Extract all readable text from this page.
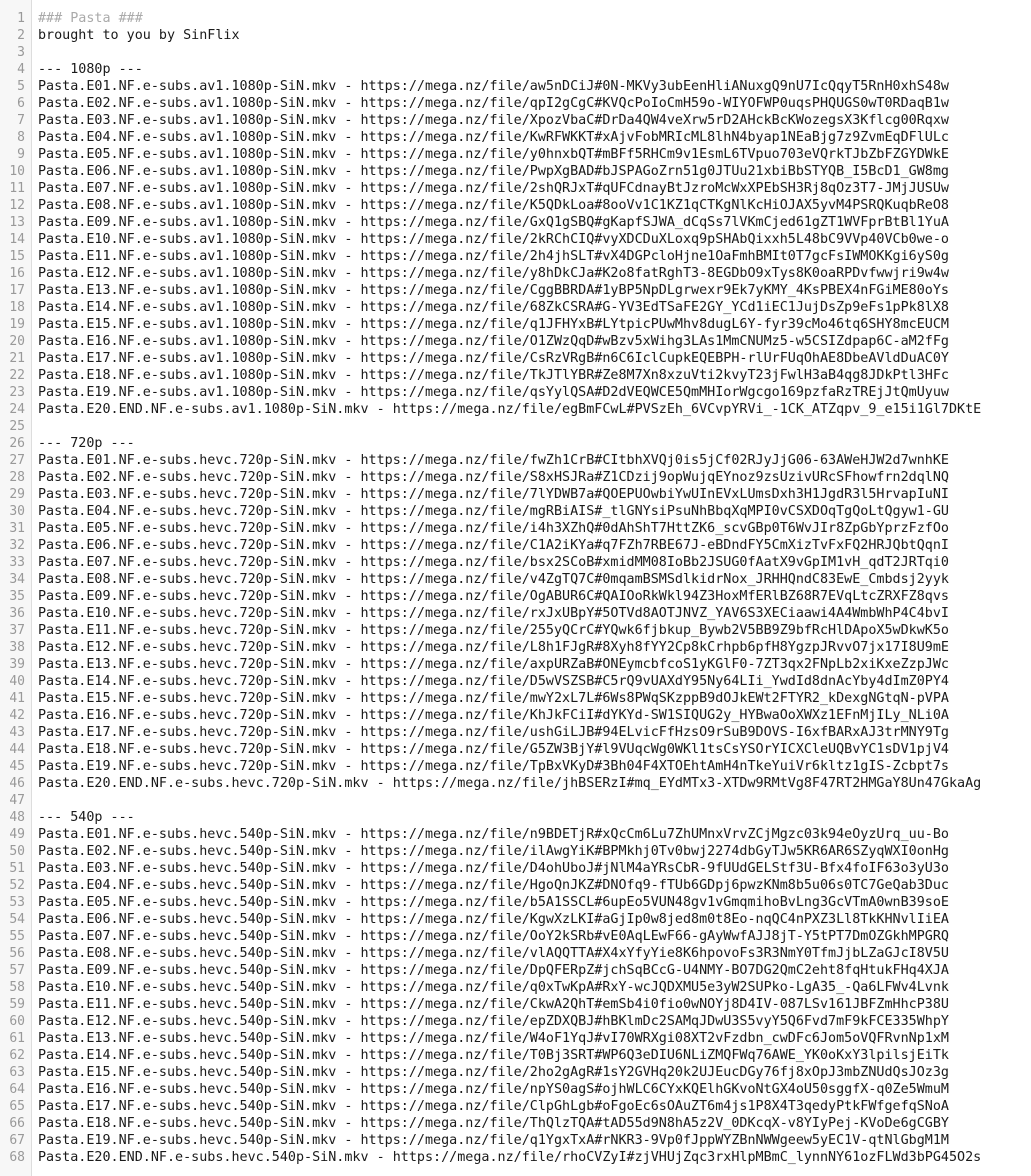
1
2
3
4
5
6
7
8
9
10
11
12
13
14
15
16
17
18
19
20
21
22
23
24
25
26
27
28
29
30
31
32
33
34
35
36
37
38
39
40
41
42
43
44
45
46
47
48
49
50
51
52
53
54
55
56
57
58
59
60
61
62
63
64
65
66
67
68
### Pasta ###
brought to you by SinFlix
--- 1080p ---
Pasta.E01.NF.e-subs.av1.1080p-SiN.mkv - https://mega.nz/file/aw5nDCiJ#0N-MKVy3ubEenHliANuxgQ9nU7IcQqyT5RnH0xhS48w
Pasta.E02.NF.e-subs.av1.1080p-SiN.mkv - https://mega.nz/file/qpI2gCgC#KVQcPoIoCmH59o-WIYOFWP0uqsPHQUGS0wT0RDaqB1w
Pasta.E03.NF.e-subs.av1.1080p-SiN.mkv - https://mega.nz/file/XpozVbaC#DrDa4QW4veXrw5rD2AHckBcKWozegsX3Kflcg00Rqxw
Pasta.E04.NF.e-subs.av1.1080p-SiN.mkv - https://mega.nz/file/KwRFWKKT#xAjvFobMRIcML8lhN4byap1NEaBjg7z9ZvmEqDFlULc
Pasta.E05.NF.e-subs.av1.1080p-SiN.mkv - https://mega.nz/file/y0hnxbQT#mBFf5RHCm9v1EsmL6TVpuo703eVQrkTJbZbFZGYDWkE
Pasta.E06.NF.e-subs.av1.1080p-SiN.mkv - https://mega.nz/file/PwpXgBAD#bJSPAGoZrn51g0JTUu21xbiBbSTYQB_I5BcD1_GW8mg
Pasta.E07.NF.e-subs.av1.1080p-SiN.mkv - https://mega.nz/file/2shQRJxT#qUFCdnayBtJzroMcWxXPEbSH3Rj8qOz3T7-JMjJUSUw
Pasta.E08.NF.e-subs.av1.1080p-SiN.mkv - https://mega.nz/file/K5QDkLoa#8ooVv1C1KZ1qCTKgNlKcHiOJAX5yvM4PSRQKuqbReO8
Pasta.E09.NF.e-subs.av1.1080p-SiN.mkv - https://mega.nz/file/GxQ1gSBQ#gKapfSJWA_dCqSs7lVKmCjed61gZT1WVFprBtBl1YuA
Pasta.E10.NF.e-subs.av1.1080p-SiN.mkv - https://mega.nz/file/2kRChCIQ#vyXDCDuXLoxq9pSHAbQixxh5L48bC9VVp40VCb0we-o
Pasta.E11.NF.e-subs.av1.1080p-SiN.mkv - https://mega.nz/file/2h4jhSLT#vX4DGPcloHjne1OaFmhBMIt0T7gcFsIWMOKKgi6yS0g
Pasta.E12.NF.e-subs.av1.1080p-SiN.mkv - https://mega.nz/file/y8hDkCJa#K2o8fatRghT3-8EGDbO9xTys8K0oaRPDvfwwjri9w4w
Pasta.E13.NF.e-subs.av1.1080p-SiN.mkv - https://mega.nz/file/CggBBRDA#1yBP5NpDLgrwexr9Ek7yKMY_4KsPBEX4nFGiME80oYs
Pasta.E14.NF.e-subs.av1.1080p-SiN.mkv - https://mega.nz/file/68ZkCSRA#G-YV3EdTSaFE2GY_YCd1iEC1JujDsZp9eFs1pPk8lX8
Pasta.E15.NF.e-subs.av1.1080p-SiN.mkv - https://mega.nz/file/q1JFHYxB#LYtpicPUwMhv8dugL6Y-fyr39cMo46tq6SHY8mcEUCM
Pasta.E16.NF.e-subs.av1.1080p-SiN.mkv - https://mega.nz/file/O1ZWzQqD#wBzv5xWihg3LAs1MmCNUMz5-w5CSIZdpap6C-aM2fFg
Pasta.E17.NF.e-subs.av1.1080p-SiN.mkv - https://mega.nz/file/CsRzVRgB#n6C6IclCupkEQEBPH-rlUrFUqOhAE8DbeAVldDuAC0Y
Pasta.E18.NF.e-subs.av1.1080p-SiN.mkv - https://mega.nz/file/TkJTlYBR#Ze8M7Xn8xzuVti2kvyT23jFwlH3aB4qg8JDkPtl3HFc
Pasta.E19.NF.e-subs.av1.1080p-SiN.mkv - https://mega.nz/file/qsYylQSA#D2dVEQWCE5QmMHIorWgcgo169pzfaRzTREjJtQmUyuw
Pasta.E20.END.NF.e-subs.av1.1080p-SiN.mkv - https://mega.nz/file/egBmFCwL#PVSzEh_6VCvpYRVi_-1CK_ATZqpv_9_e15i1Gl7DKtE
--- 720p ---
Pasta.E01.NF.e-subs.hevc.720p-SiN.mkv - https://mega.nz/file/fwZh1CrB#CItbhXVQj0is5jCf02RJyJjG06-63AWeHJW2d7wnhKE
Pasta.E02.NF.e-subs.hevc.720p-SiN.mkv - https://mega.nz/file/S8xHSJRa#Z1CDzij9opWujqEYnoz9zsUzivURcSFhowfrn2dqlNQ
Pasta.E03.NF.e-subs.hevc.720p-SiN.mkv - https://mega.nz/file/7lYDWB7a#QOEPUOwbiYwUInEVxLUmsDxh3H1JgdR3l5HrvapIuNI
Pasta.E04.NF.e-subs.hevc.720p-SiN.mkv - https://mega.nz/file/mgRBiAIS#_tlGNYsiPsuNhBbqXqMPI0vCSXDOqTgQoLtQgyw1-GU
Pasta.E05.NF.e-subs.hevc.720p-SiN.mkv - https://mega.nz/file/i4h3XZhQ#0dAhShT7HttZK6_scvGBp0T6WvJIr8ZpGbYprzFzfOo
Pasta.E06.NF.e-subs.hevc.720p-SiN.mkv - https://mega.nz/file/C1A2iKYa#q7FZh7RBE67J-eBDndFY5CmXizTvFxFQ2HRJQbtQqnI
Pasta.E07.NF.e-subs.hevc.720p-SiN.mkv - https://mega.nz/file/bsx2SCoB#xmidMM08IoBb2JSUG0fAatX9vGpIM1vH_qdT2JRTqi0
Pasta.E08.NF.e-subs.hevc.720p-SiN.mkv - https://mega.nz/file/v4ZgTQ7C#0mqamBSMSdlkidrNox_JRHHQndC83EwE_Cmbdsj2yyk
Pasta.E09.NF.e-subs.hevc.720p-SiN.mkv - https://mega.nz/file/OgABUR6C#QAIOoRkWkl94Z3HoxMfERlBZ68R7EVqLtcZRXFZ8qvs
Pasta.E10.NF.e-subs.hevc.720p-SiN.mkv - https://mega.nz/file/rxJxUBpY#5OTVd8AOTJNVZ_YAV6S3XECiaawi4A4WmbWhP4C4bvI
Pasta.E11.NF.e-subs.hevc.720p-SiN.mkv - https://mega.nz/file/255yQCrC#YQwk6fjbkup_Bywb2V5BB9Z9bfRcHlDApoX5wDkwK5o
Pasta.E12.NF.e-subs.hevc.720p-SiN.mkv - https://mega.nz/file/L8h1FJgR#8Xyh8fYY2Cp8kCrhpb6pfH8YgzpJRvvO7jx17I8U9mE
Pasta.E13.NF.e-subs.hevc.720p-SiN.mkv - https://mega.nz/file/axpURZaB#ONEymcbfcoS1yKGlF0-7ZT3qx2FNpLb2xiKxeZzpJWc
Pasta.E14.NF.e-subs.hevc.720p-SiN.mkv - https://mega.nz/file/D5wVSZSB#C5rQ9vUAXdY95Ny64LIi_YwdId8dnAcYby4dImZ0PY4
Pasta.E15.NF.e-subs.hevc.720p-SiN.mkv - https://mega.nz/file/mwY2xL7L#6Ws8PWqSKzppB9dOJkEWt2FTYR2_kDexgNGtqN-pVPA
Pasta.E16.NF.e-subs.hevc.720p-SiN.mkv - https://mega.nz/file/KhJkFCiI#dYKYd-SW1SIQUG2y_HYBwaOoXWXz1EFnMjILy_NLi0A
Pasta.E17.NF.e-subs.hevc.720p-SiN.mkv - https://mega.nz/file/ushGiLJB#94ELvicFfHzsO9rSuB9DOVS-I6xfBARxAJ3trMNY9Tg
Pasta.E18.NF.e-subs.hevc.720p-SiN.mkv - https://mega.nz/file/G5ZW3BjY#l9VUqcWg0WKl1tsCsYSOrYICXCleUQBvYC1sDV1pjV4
Pasta.E19.NF.e-subs.hevc.720p-SiN.mkv - https://mega.nz/file/TpBxVKyD#3Bh04F4XTOEhtAmH4nTkeYuiVr6kltz1gIS-Zcbpt7s
Pasta.E20.END.NF.e-subs.hevc.720p-SiN.mkv - https://mega.nz/file/jhBSERzI#mq_EYdMTx3-XTDw9RMtVg8F47RT2HMGaY8Un47GkaAg
--- 540p ---
Pasta.E01.NF.e-subs.hevc.540p-SiN.mkv - https://mega.nz/file/n9BDETjR#xQcCm6Lu7ZhUMnxVrvZCjMgzc03k94eOyzUrq_uu-Bo
Pasta.E02.NF.e-subs.hevc.540p-SiN.mkv - https://mega.nz/file/ilAwgYiK#BPMkhj0Tv0bwj2274dbGyTJw5KR6AR6SZyqWXI0onHg
Pasta.E03.NF.e-subs.hevc.540p-SiN.mkv - https://mega.nz/file/D4ohUboJ#jNlM4aYRsCbR-9fUUdGELStf3U-Bfx4foIF63o3yU3o
Pasta.E04.NF.e-subs.hevc.540p-SiN.mkv - https://mega.nz/file/HgoQnJKZ#DNOfq9-fTUb6GDpj6pwzKNm8b5u06s0TC7GeQab3Duc
Pasta.E05.NF.e-subs.hevc.540p-SiN.mkv - https://mega.nz/file/b5A1SSCL#6upEo5VUN48gv1vGmqmihoBvLng3GcVTmA0wnB39soE
Pasta.E06.NF.e-subs.hevc.540p-SiN.mkv - https://mega.nz/file/KgwXzLKI#aGjIp0w8jed8m0t8Eo-nqQC4nPXZ3Ll8TkKHNvlIiEA
Pasta.E07.NF.e-subs.hevc.540p-SiN.mkv - https://mega.nz/file/OoY2kSRb#vE0AqLEwF66-gAyWwfAJJ8jT-Y5tPT7DmOZGkhMPGRQ
Pasta.E08.NF.e-subs.hevc.540p-SiN.mkv - https://mega.nz/file/vlAQQTTA#X4xYfyYie8K6hpovoFs3R3NmY0TfmJjbLZaGJcI8V5U
Pasta.E09.NF.e-subs.hevc.540p-SiN.mkv - https://mega.nz/file/DpQFERpZ#jchSqBCcG-U4NMY-BO7DG2QmC2eht8fqHtukFHq4XJA
Pasta.E10.NF.e-subs.hevc.540p-SiN.mkv - https://mega.nz/file/q0xTwKpA#RxY-wcJQDXMU5e3yW2SUPko-LgA35_-Qa6LFWv4Lvnk
Pasta.E11.NF.e-subs.hevc.540p-SiN.mkv - https://mega.nz/file/CkwA2QhT#emSb4i0fio0wNOYj8D4IV-087LSv161JBFZmHhcP38U
Pasta.E12.NF.e-subs.hevc.540p-SiN.mkv - https://mega.nz/file/epZDXQBJ#hBKlmDc2SAMqJDwU3S5vyY5Q6Fvd7mF9kFCE335WhpY
Pasta.E13.NF.e-subs.hevc.540p-SiN.mkv - https://mega.nz/file/W4oF1YqJ#vI70WRXgi08XT2vFzdbn_cwDFc6Jom5oVQFRvnNp1xM
Pasta.E14.NF.e-subs.hevc.540p-SiN.mkv - https://mega.nz/file/T0Bj3SRT#WP6Q3eDIU6NLiZMQFWq76AWE_YK0oKxY3lpilsjEiTk
Pasta.E15.NF.e-subs.hevc.540p-SiN.mkv - https://mega.nz/file/2ho2gAgR#1sY2GVHq20k2UJEucDGy76fj8xOpJ3mbZNUdQsJOz3g
Pasta.E16.NF.e-subs.hevc.540p-SiN.mkv - https://mega.nz/file/npYS0agS#ojhWLC6CYxKQElhGKvoNtGX4oU50sggfX-q0Ze5WmuM
Pasta.E17.NF.e-subs.hevc.540p-SiN.mkv - https://mega.nz/file/ClpGhLgb#oFgoEc6sOAuZT6m4js1P8X4T3qedyPtkFWfgefqSNoA
Pasta.E18.NF.e-subs.hevc.540p-SiN.mkv - https://mega.nz/file/ThQlzTQA#tAD55d9N8hA5z2V_0DKcqX-v8YIyPej-KVoDe6gCGBY
Pasta.E19.NF.e-subs.hevc.540p-SiN.mkv - https://mega.nz/file/q1YgxTxA#rNKR3-9Vp0fJppWYZBnNWWgeew5yEC1V-qtNlGbgM1M
Pasta.E20.END.NF.e-subs.hevc.540p-SiN.mkv - https://mega.nz/file/rhoCVZyI#zjVHUjZqc3rxHlpMBmC_lynnNY61ozFLWd3bPG45O2s
